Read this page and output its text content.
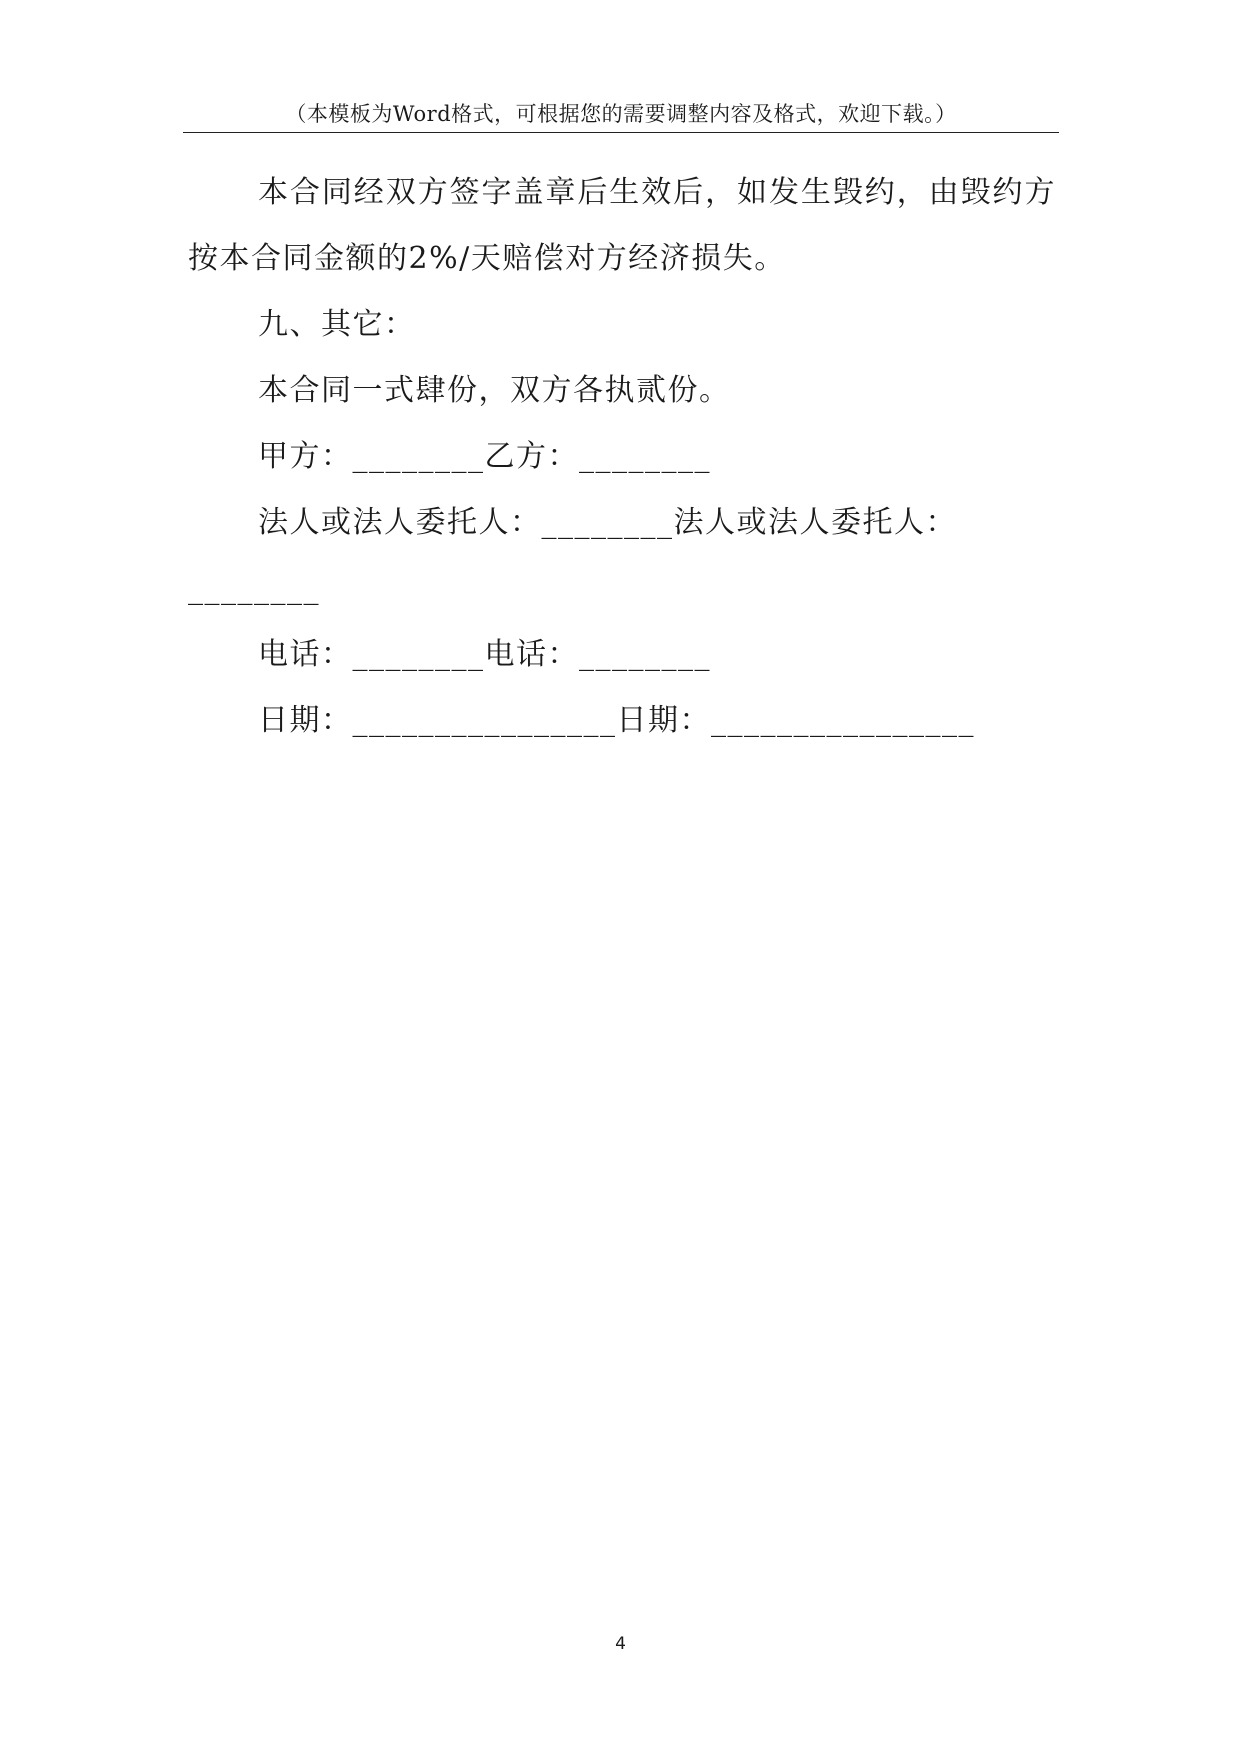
（本模板为Word格式，可根据您的需要调整内容及格式，欢迎下载。）

本合同经双方签字盖章后生效后，如发生毁约，由毁约方按本合同金额的2%/天赔偿对方经济损失。

九、其它：

本合同一式肆份，双方各执贰份。

甲方：________乙方：________

法人或法人委托人：________法人或法人委托人：

________

电话：________电话：________

日期：________________日期：________________

4
